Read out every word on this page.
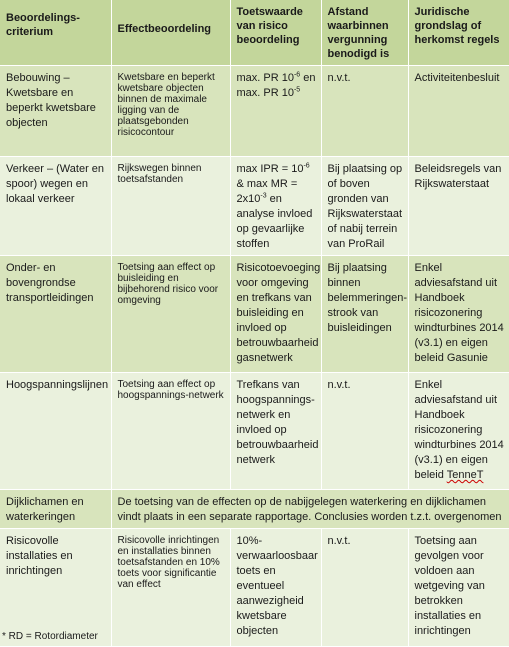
Beoordelings-criterium	Effectbeoordeling	Toetswaarde van risico beoordeling	Afstand waarbinnen vergunning benodigd is	Juridische grondslag of herkomst regels
Bebouwing – Kwetsbare en beperkt kwetsbare objecten	Kwetsbare en beperkt kwetsbare objecten binnen de maximale ligging van de plaatsgebonden risicocontour	max. PR $10^{-6}$ en max. PR $10^{-5}$	n.v.t.	Activiteitenbesluit
Verkeer – (Water en spoor) wegen en lokaal verkeer	Rijkswegen binnen toetsafstanden	max IPR = $10^{-6}$ & max MR = $2x10^{-3}$ en analyse invloed op gevaarlijke stoffen	Bij plaatsing op of boven gronden van Rijkswaterstaat of nabij terrein van ProRail	Beleidsregels van Rijkswaterstaat
Onder- en bovengrondse transportleidingen	Toetsing aan effect op buisleiding en bijbehorend risico voor omgeving	Risicotoevoeging voor omgeving en trefkans van buisleiding en invloed op betrouwbaarheid gasnetwerk	Bij plaatsing binnen belemmeringen-strook van buisleidingen	Enkel adviesafstand uit Handboek risicozonering windturbines 2014 (v3.1) en eigen beleid Gasunie
Hoogspanningslijnen	Toetsing aan effect op hoogspannings-netwerk	Trefkans van hoogspannings-netwerk en invloed op betrouwbaarheid netwerk	n.v.t.	Enkel adviesafstand uit Handboek risicozonering windturbines 2014 (v3.1) en eigen beleid TenneT
Dijklichamen en waterkeringen	De toetsing van de effecten op de nabijgelegen waterkering en dijklichamen vindt plaats in een separate rapportage. Conclusies worden t.z.t. overgenomen			
Risicovolle installaties en inrichtingen	Risicovolle inrichtingen en installaties binnen toetsafstanden en 10% toets voor significantie van effect	10%-verwaarloosbaar toets en eventueel aanwezigheid kwetsbare objecten	n.v.t.	Toetsing aan gevolgen voor voldoen aan wetgeving van betrokken installaties en inrichtingen
* RD = Rotordiameter
